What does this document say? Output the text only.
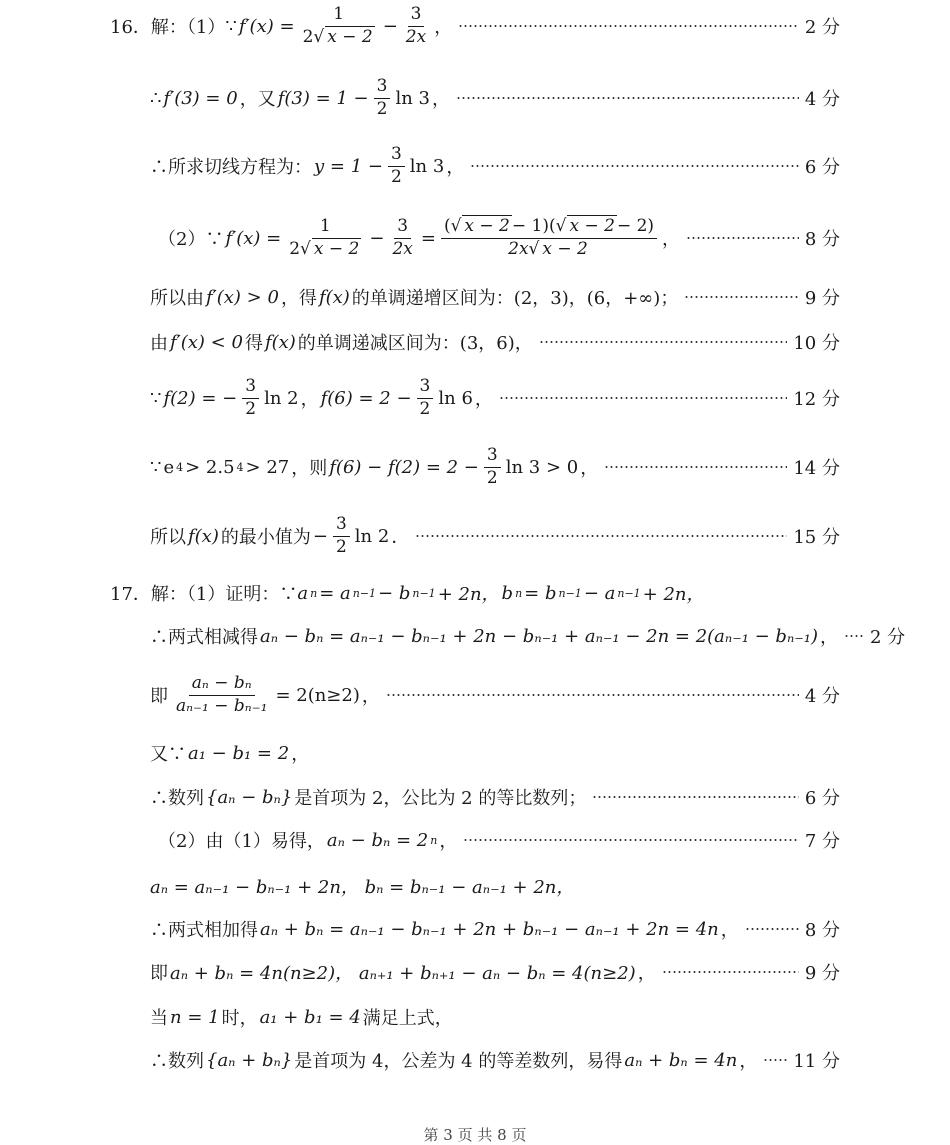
16．解：（1） ∵ $f'(x) = \frac{1}{2√ x - 2} - \frac{3}{2x}$ ，	2 分
∴ f′(3) = 0 ，又 $f(3) = 1 - \frac{3}{2}$ ln 3 ，	4 分
∴所求切线方程为： $y = 1 - \frac{3}{2}$ ln 3 ，	6 分
（2）∵ $f'(x) = \frac{1}{2√ x - 2} - \frac{3}{2x} = \frac{(√ x - 2 - 1)(√ x - 2 - 2)}{2x√ x - 2}$ ，	8 分
所以由 f′(x) > 0 ，得 f(x) 的单调递增区间为：(2，3)，(6，+∞)；	9 分
由 f′(x) < 0 得 f(x) 的单调递减区间为：(3，6)，	10 分
∵ f(2) = − $\frac{3}{2}$ ln 2 ， $f(6) = 2 - \frac{3}{2}$ ln 6 ，	12 分
∵ e 4 > 2.5 4 > 27 ，则 $f(6) - f(2) = 2 - \frac{3}{2}$ ln 3 > 0 ，	14 分
所以 f(x) 的最小值为 − $\frac{3}{2}$ ln 2 ．	15 分
17．解：（1）证明：∵ a n = a n−1 − b n−1 + 2n， b n = b n−1 − a n−1 + 2n，
∴两式相减得 aₙ − bₙ = aₙ₋₁ − bₙ₋₁ + 2n − bₙ₋₁ + aₙ₋₁ − 2n = 2(aₙ₋₁ − bₙ₋₁) ， 2 分
即 $\frac{\text{aₙ − bₙ}}{\text{aₙ₋₁ − bₙ₋₁}} = 2(n\ge 2)$ ，	4 分
又∵ a₁ − b₁ = 2 ，
∴数列 {aₙ − bₙ} 是首项为 2，公比为 2 的等比数列；	6 分
（2）由（1）易得， aₙ − bₙ = 2 n ，	7 分
aₙ = aₙ₋₁ − bₙ₋₁ + 2n， bₙ = bₙ₋₁ − aₙ₋₁ + 2n，
∴两式相加得 aₙ + bₙ = aₙ₋₁ − bₙ₋₁ + 2n + bₙ₋₁ − aₙ₋₁ + 2n = 4n ，	8 分
即 aₙ + bₙ = 4n(n≥2)， aₙ₊₁ + bₙ₊₁ − aₙ − bₙ = 4(n≥2) ，	9 分
当 n = 1 时， a₁ + b₁ = 4 满足上式，
∴数列 {aₙ + bₙ} 是首项为 4，公差为 4 的等差数列，易得 aₙ + bₙ = 4n ， 11 分
第 3 页 共 8 页
